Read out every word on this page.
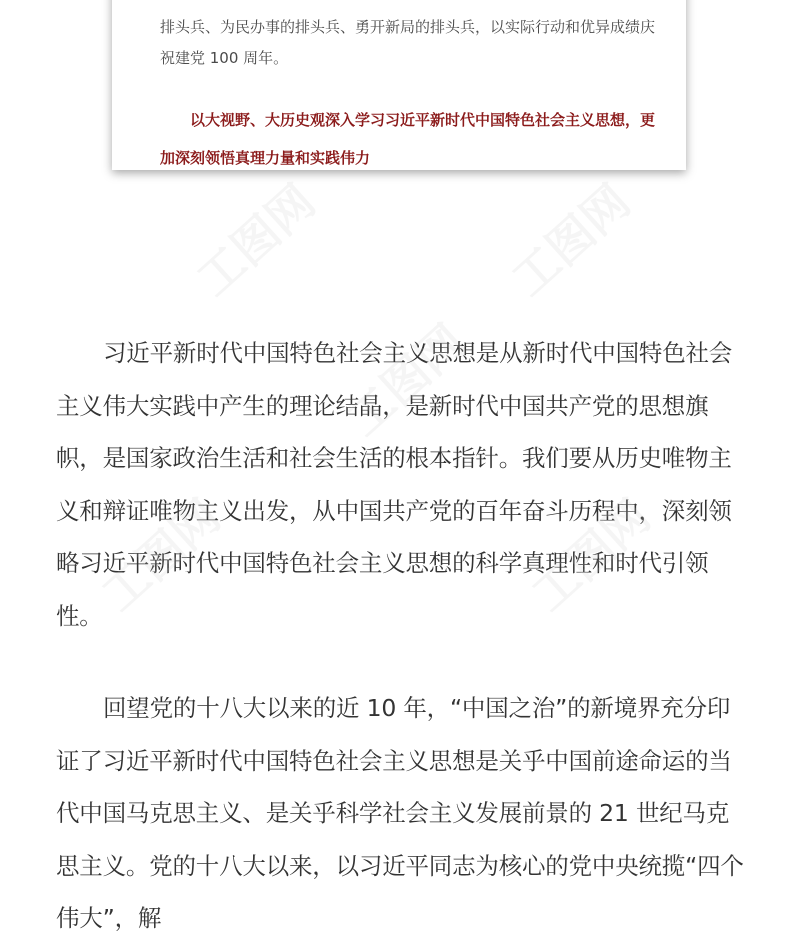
排头兵、为民办事的排头兵、勇开新局的排头兵，以实际行动和优异成绩庆祝建党 100 周年。
以大视野、大历史观深入学习习近平新时代中国特色社会主义思想，更加深刻领悟真理力量和实践伟力

习近平新时代中国特色社会主义思想是从新时代中国特色社会主义伟大实践中产生的理论结晶，是新时代中国共产党的思想旗帜，是国家政治生活和社会生活的根本指针。我们要从历史唯物主义和辩证唯物主义出发，从中国共产党的百年奋斗历程中，深刻领略习近平新时代中国特色社会主义思想的科学真理性和时代引领性。

回望党的十八大以来的近 10 年，“中国之治”的新境界充分印证了习近平新时代中国特色社会主义思想是关乎中国前途命运的当代中国马克思主义、是关乎科学社会主义发展前景的 21 世纪马克思主义。党的十八大以来，以习近平同志为核心的党中央统揽“四个伟大”，解

工图网	工图网
工图网
工图网	工图网
